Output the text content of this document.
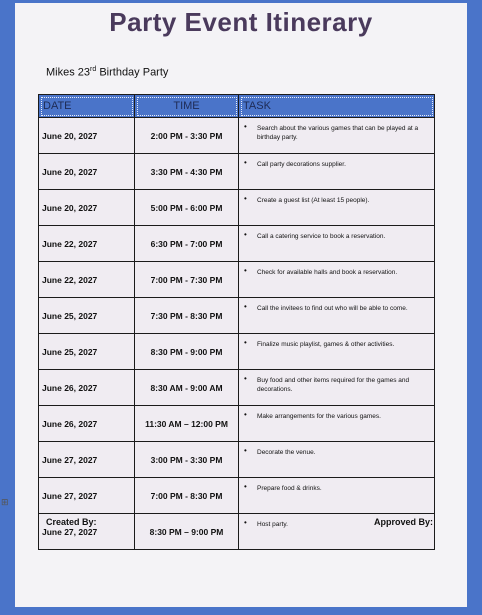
⊞
Party Event Itinerary
Mikes 23rd Birthday Party
DATE	TIME	TASK
June 20, 2027	2:00 PM - 3:30 PM	• Search about the various games that can be played at a birthday party.
June 20, 2027	3:30 PM - 4:30 PM	• Call party decorations supplier.
June 20, 2027	5:00 PM - 6:00 PM	• Create a guest list (At least 15 people).
June 22, 2027	6:30 PM - 7:00 PM	• Call a catering service to book a reservation.
June 22, 2027	7:00 PM - 7:30 PM	• Check for available halls and book a reservation.
June 25, 2027	7:30 PM - 8:30 PM	• Call the invitees to find out who will be able to come.
June 25, 2027	8:30 PM - 9:00 PM	• Finalize music playlist, games & other activities.
June 26, 2027	8:30 AM - 9:00 AM	• Buy food and other items required for the games and decorations.
June 26, 2027	11:30 AM – 12:00 PM	• Make arrangements for the various games.
June 27, 2027	3:00 PM - 3:30 PM	• Decorate the venue.
June 27, 2027	7:00 PM - 8:30 PM	• Prepare food & drinks.
June 27, 2027	8:30 PM – 9:00 PM	• Host party.
Created By:	Approved By:
